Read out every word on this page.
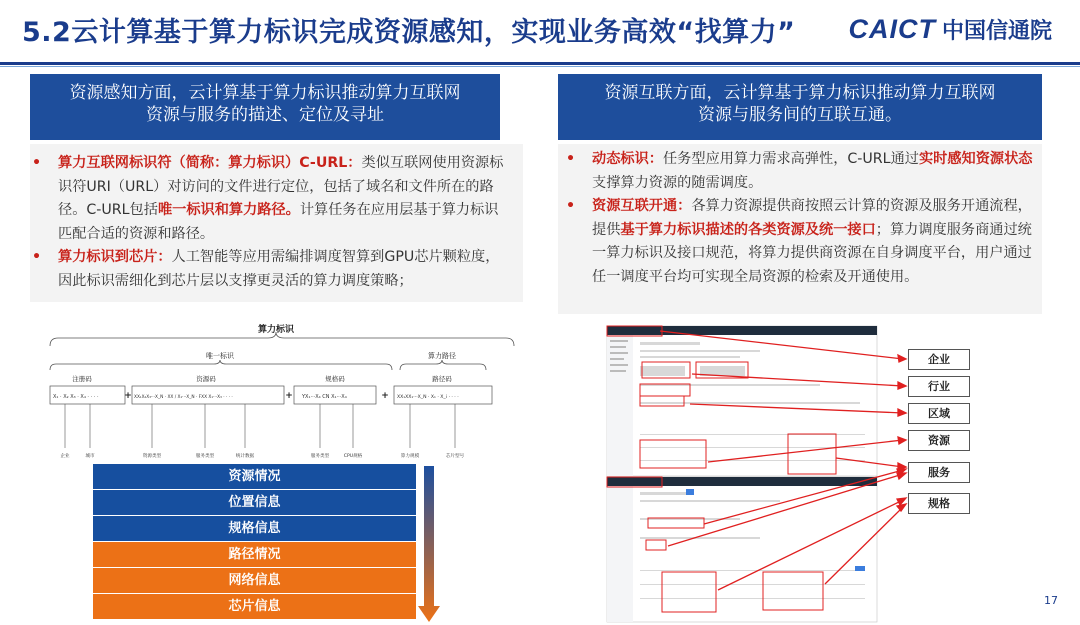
5.2云计算基于算力标识完成资源感知，实现业务高效“找算力” CAICT 中国信通院
资源感知方面，云计算基于算力标识推动算力互联网
资源与服务的描述、定位及寻址
资源互联方面，云计算基于算力标识推动算力互联网
资源与服务间的互联互通。
• 算力互联网标识符（简称：算力标识）C-URL：类似互联网使用资源标识符URI（URL）对访问的文件进行定位，包括了域名和文件所在的路径。C-URL包括唯一标识和算力路径。计算任务在应用层基于算力标识匹配合适的资源和路径。
• 算力标识到芯片：人工智能等应用需编排调度智算到GPU芯片颗粒度，因此标识需细化到芯片层以支撑更灵活的算力调度策略；
• 动态标识：任务型应用算力需求高弹性，C-URL通过实时感知资源状态支撑算力资源的随需调度。
• 资源互联开通：各算力资源提供商按照云计算的资源及服务开通流程，提供基于算力标识描述的各类资源及统一接口；算力调度服务商通过统一算力标识及接口规范，将算力提供商资源在自身调度平台，用户通过任一调度平台均可实现全局资源的检索及开通使用。
算力标识
唯一标识	算力路径
注册码	资源码	规格码	路径码
X₁ · X₂ X₃ · X₄ · · · ·	XX₁X₂X₃···X_N · XX / X₁···X_N · FXX X₁···X₃ · · · ·	YX₁···X₄ CN X₁···X₄	XX₁XX₁···X_N · X₁ · X_i · · · ·
+	+	+
企业	城市	资源类型	服务类型	统计数据	服务类型	CPU规格	算力规模	芯片型号
资源情况
位置信息
规格信息
路径情况
网络信息
芯片信息
企业
行业
区域
资源
服务
规格
17
